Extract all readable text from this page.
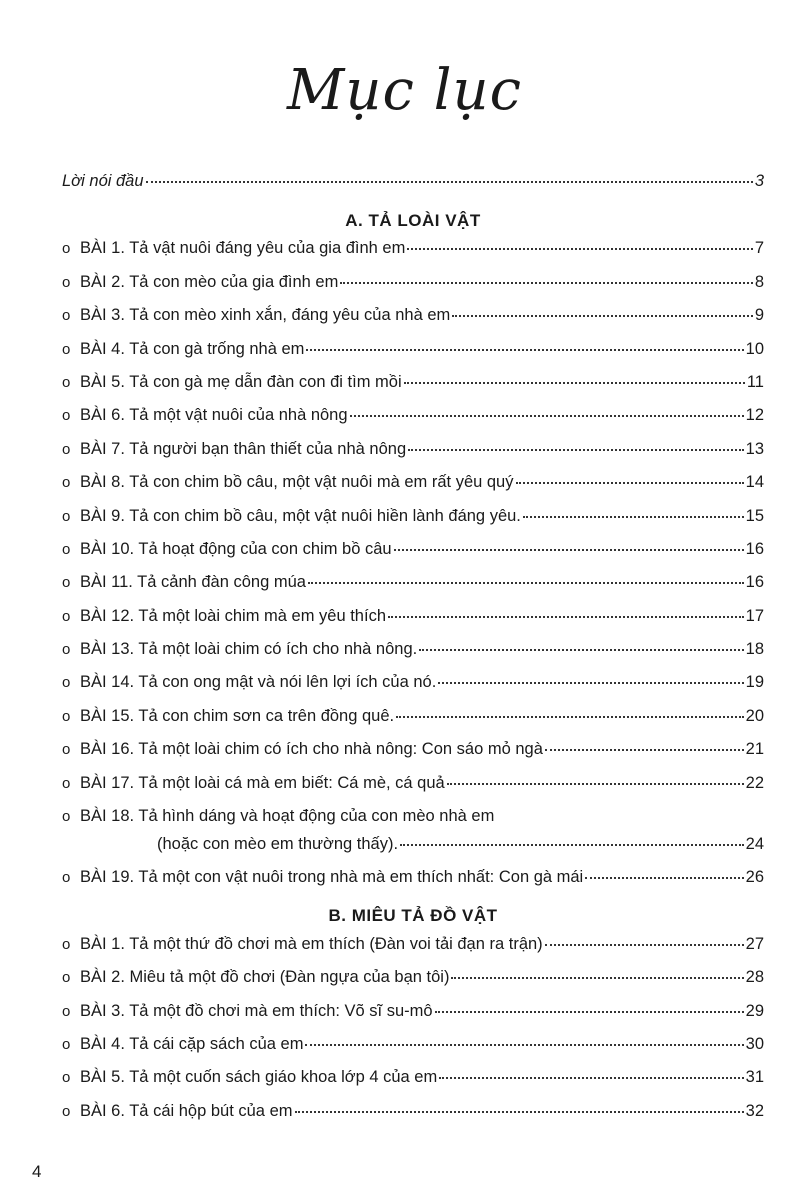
Mục lục
Lời nói đầu	3
A. TẢ LOÀI VẬT
o BÀI 1. Tả vật nuôi đáng yêu của gia đình em	7
o BÀI 2. Tả con mèo của gia đình em	8
o BÀI 3. Tả con mèo xinh xắn, đáng yêu của nhà em	9
o BÀI 4. Tả con gà trống nhà em	10
o BÀI 5. Tả con gà mẹ dẫn đàn con đi tìm mồi	11
o BÀI 6. Tả một vật nuôi của nhà nông	12
o BÀI 7. Tả người bạn thân thiết của nhà nông	13
o BÀI 8. Tả con chim bồ câu, một vật nuôi mà em rất yêu quý	14
o BÀI 9. Tả con chim bồ câu, một vật nuôi hiền lành đáng yêu.	15
o BÀI 10. Tả hoạt động của con chim bồ câu	16
o BÀI 11. Tả cảnh đàn công múa	16
o BÀI 12. Tả một loài chim mà em yêu thích	17
o BÀI 13. Tả một loài chim có ích cho nhà nông.	18
o BÀI 14. Tả con ong mật và nói lên lợi ích của nó.	19
o BÀI 15. Tả con chim sơn ca trên đồng quê.	20
o BÀI 16. Tả một loài chim có ích cho nhà nông: Con sáo mỏ ngà	21
o BÀI 17. Tả một loài cá mà em biết: Cá mè, cá quả	22
o BÀI 18. Tả hình dáng và hoạt động của con mèo nhà em
(hoặc con mèo em thường thấy).	24
o BÀI 19. Tả một con vật nuôi trong nhà mà em thích nhất: Con gà mái	26
B. MIÊU TẢ ĐỒ VẬT
o BÀI 1. Tả một thứ đồ chơi mà em thích (Đàn voi tải đạn ra trận)	27
o BÀI 2. Miêu tả một đồ chơi (Đàn ngựa của bạn tôi)	28
o BÀI 3. Tả một đồ chơi mà em thích: Võ sĩ su-mô	29
o BÀI 4. Tả cái cặp sách của em	30
o BÀI 5. Tả một cuốn sách giáo khoa lớp 4 của em	31
o BÀI 6. Tả cái hộp bút của em	32
4
